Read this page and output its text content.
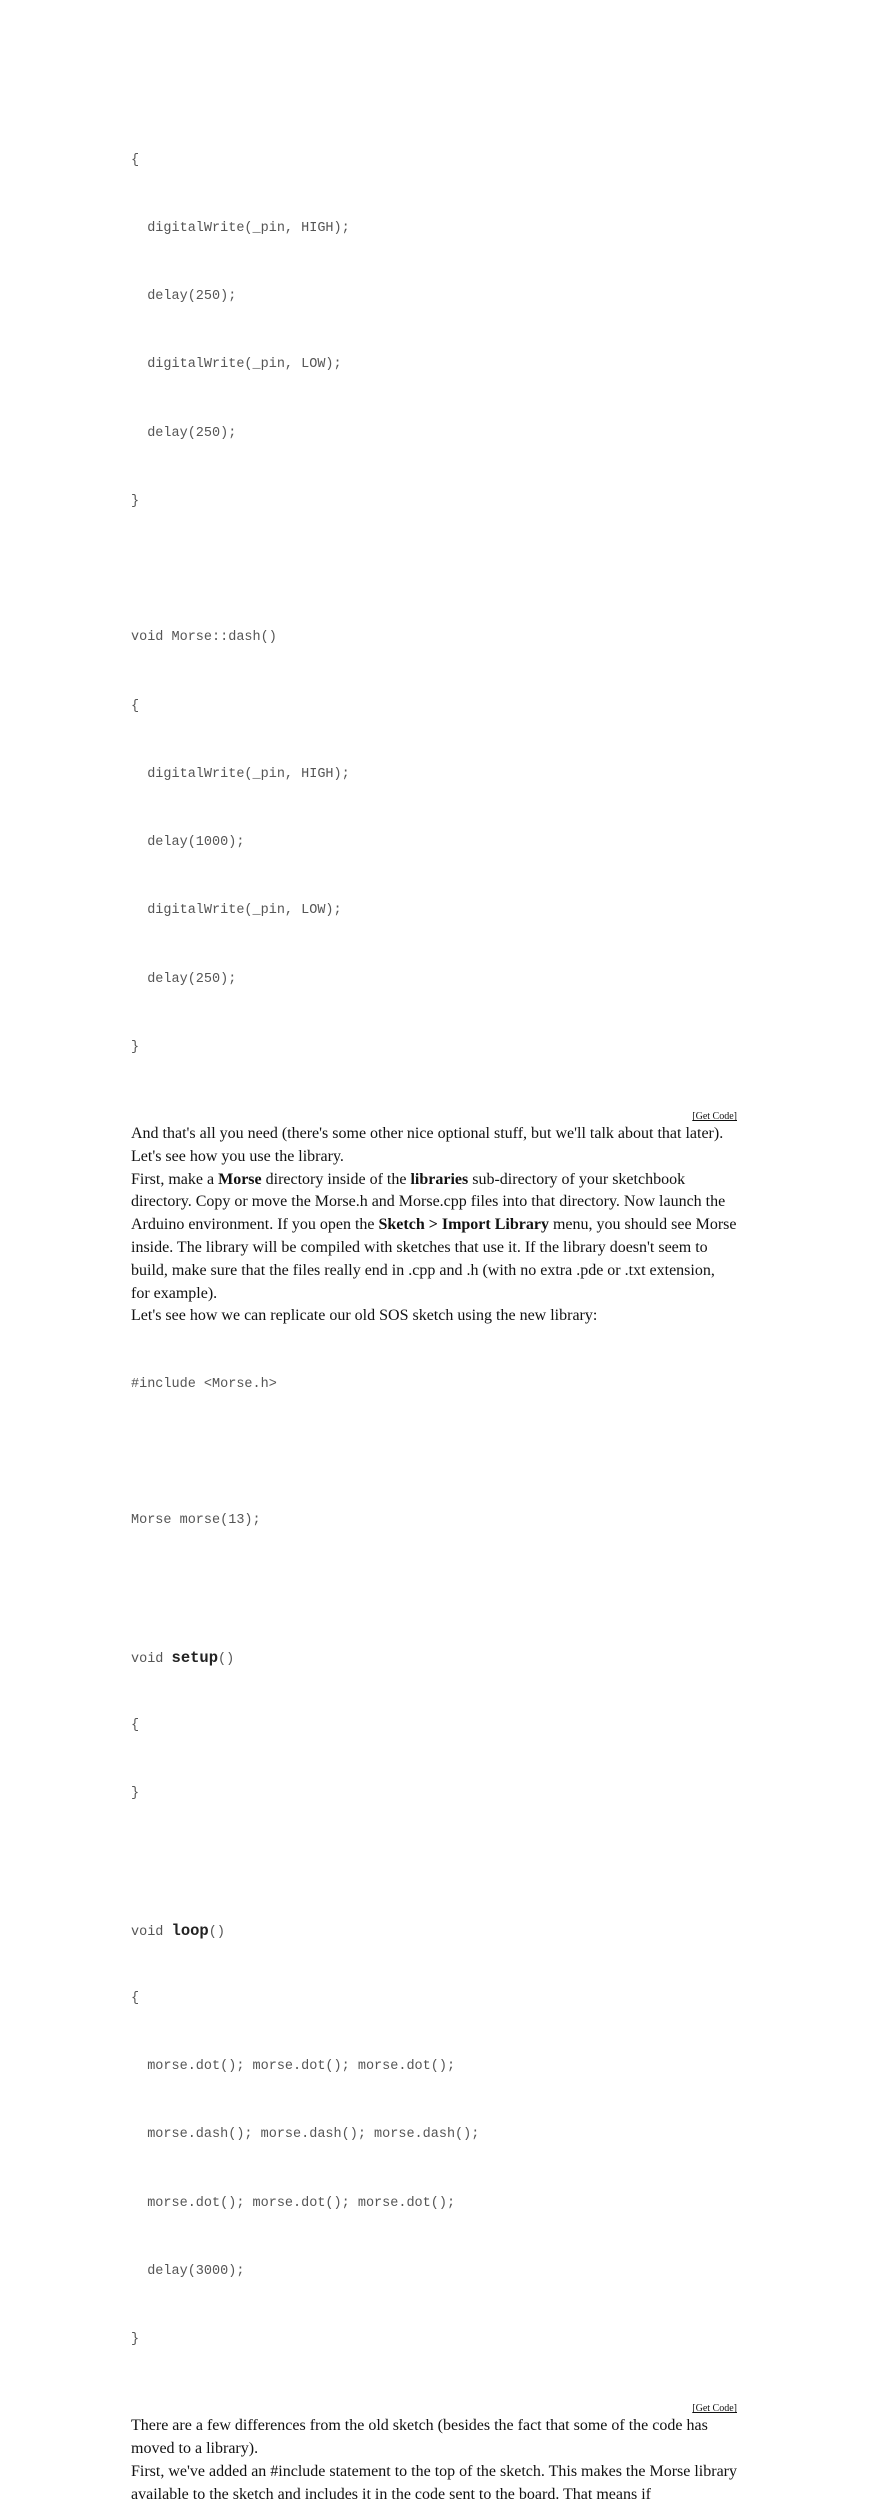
{

digitalWrite(_pin, HIGH);

delay(250);

digitalWrite(_pin, LOW);

delay(250);

}

void Morse::dash()

{

digitalWrite(_pin, HIGH);

delay(1000);

digitalWrite(_pin, LOW);

delay(250);

}

[Get Code]

And that's all you need (there's some other nice optional stuff, but we'll talk about that later). Let's see how you use the library.

First, make a Morse directory inside of the libraries sub-directory of your sketchbook directory. Copy or move the Morse.h and Morse.cpp files into that directory. Now launch the Arduino environment. If you open the Sketch > Import Library menu, you should see Morse inside. The library will be compiled with sketches that use it. If the library doesn't seem to build, make sure that the files really end in .cpp and .h (with no extra .pde or .txt extension, for example).

Let's see how we can replicate our old SOS sketch using the new library:

#include <Morse.h>

Morse morse(13);

void setup()

{

}

void loop()

{

morse.dot(); morse.dot(); morse.dot();

morse.dash(); morse.dash(); morse.dash();

morse.dot(); morse.dot(); morse.dot();

delay(3000);

}

[Get Code]

There are a few differences from the old sketch (besides the fact that some of the code has moved to a library).

First, we've added an #include statement to the top of the sketch. This makes the Morse library available to the sketch and includes it in the code sent to the board. That means if
